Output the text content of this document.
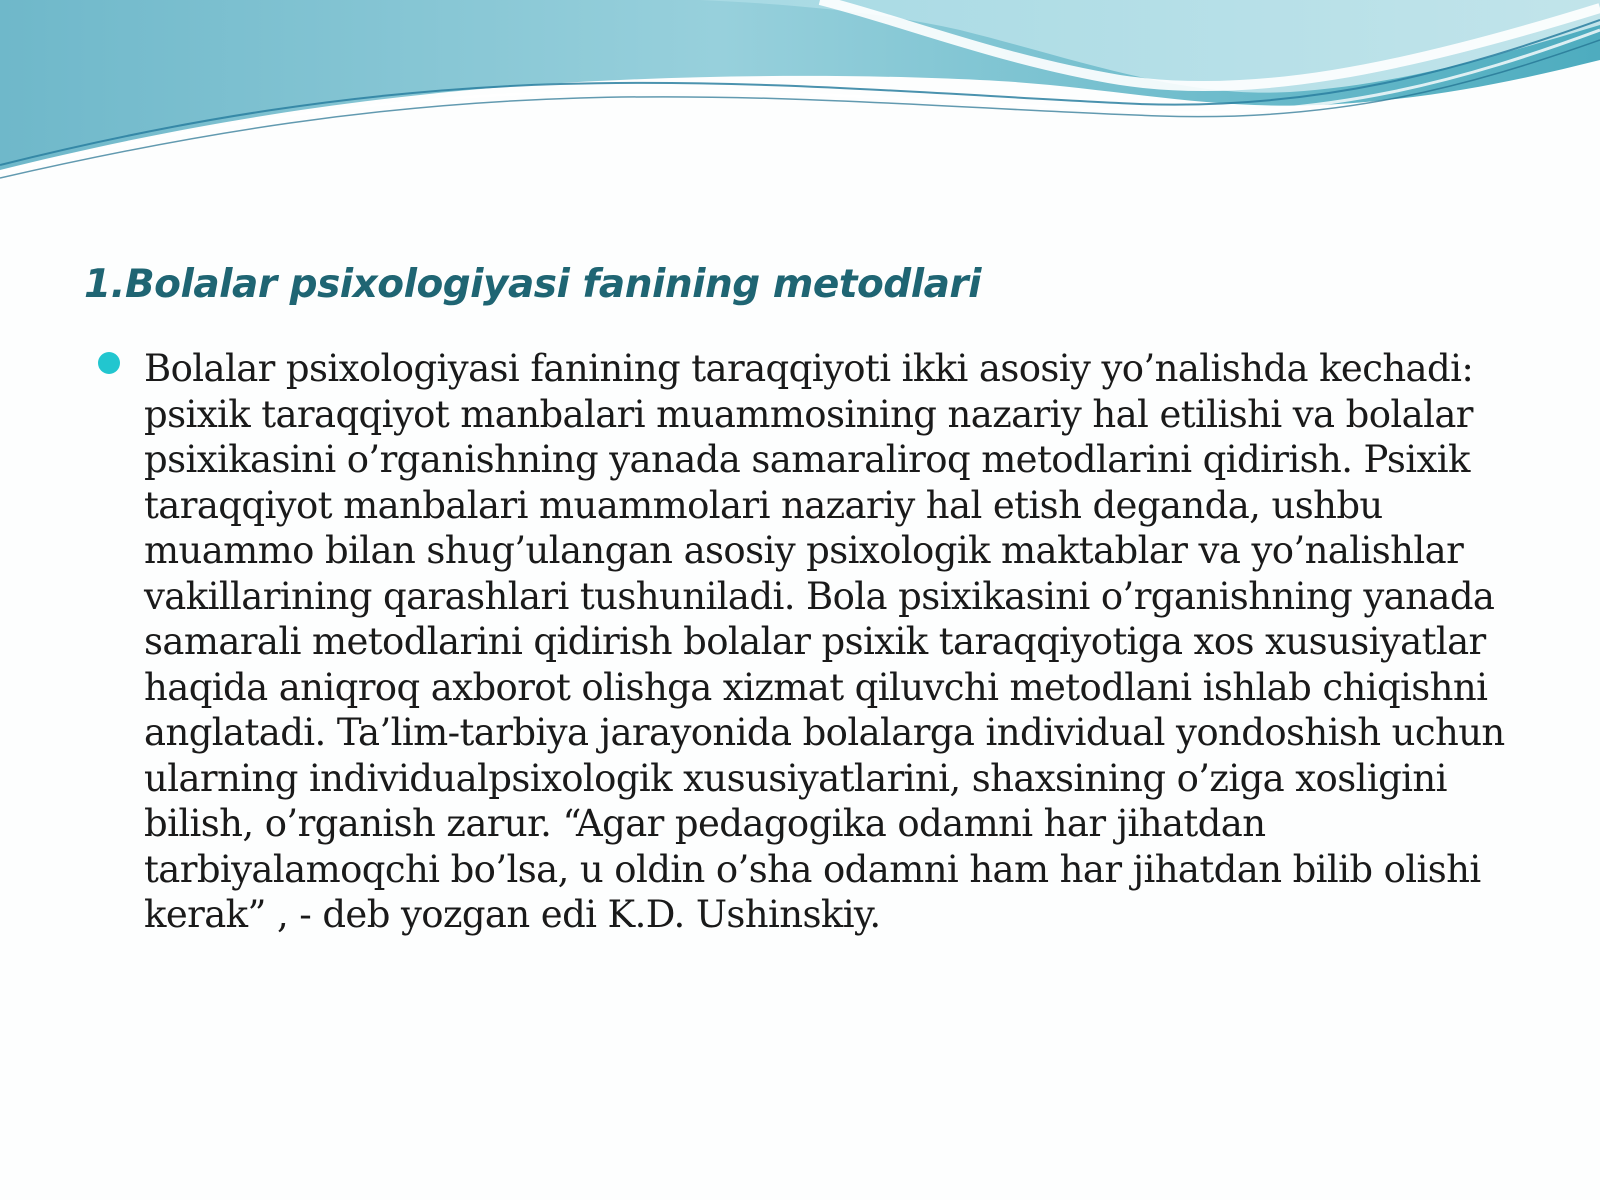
1.Bolalar psixologiyasi fanining metodlari
Bolalar psixologiyasi fanining taraqqiyoti ikki asosiy yo’nalishda kechadi: psixik taraqqiyot manbalari muammosining nazariy hal etilishi va bolalar psixikasini o’rganishning yanada samaraliroq metodlarini qidirish. Psixik taraqqiyot manbalari muammolari nazariy hal etish deganda, ushbu muammo bilan shug’ulangan asosiy psixologik maktablar va yo’nalishlar vakillarining qarashlari tushuniladi. Bola psixikasini o’rganishning yanada samarali metodlarini qidirish bolalar psixik taraqqiyotiga xos xususiyatlar haqida aniqroq axborot olishga xizmat qiluvchi metodlani ishlab chiqishni anglatadi. Ta’lim-tarbiya jarayonida bolalarga individual yondoshish uchun ularning individualpsixologik xususiyatlarini, shaxsining o’ziga xosligini bilish, o’rganish zarur. “Agar pedagogika odamni har jihatdan tarbiyalamoqchi bo’lsa, u oldin o’sha odamni ham har jihatdan bilib olishi kerak” , - deb yozgan edi K.D. Ushinskiy.
